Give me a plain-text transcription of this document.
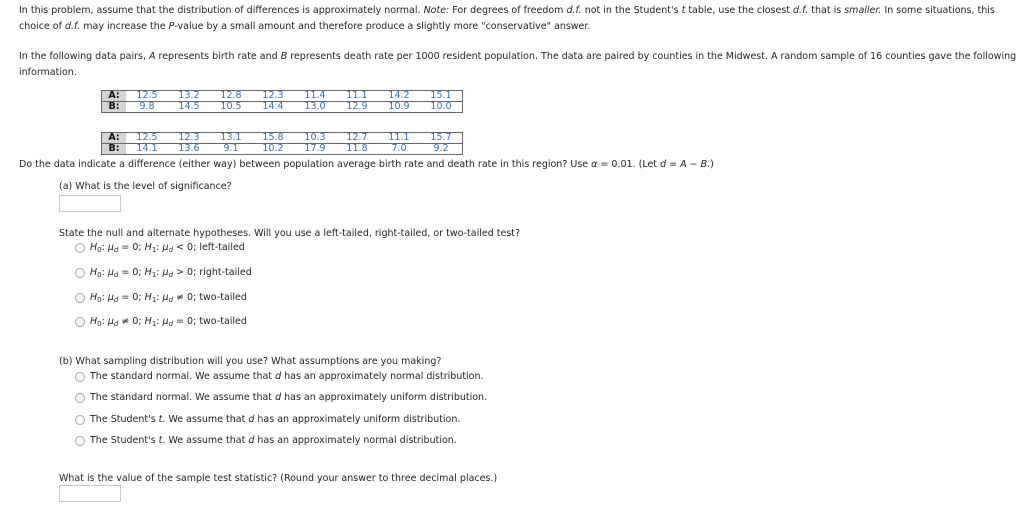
In this problem, assume that the distribution of differences is approximately normal. Note: For degrees of freedom d.f. not in the Student's t table, use the closest d.f. that is smaller. In some situations, this choice of d.f. may increase the P-value by a small amount and therefore produce a slightly more "conservative" answer.

In the following data pairs, A represents birth rate and B represents death rate per 1000 resident population. The data are paired by counties in the Midwest. A random sample of 16 counties gave the following information.

A:	12.5	13.2	12.8	12.3	11.4	11.1	14.2	15.1
B:	9.8	14.5	10.5	14.4	13.0	12.9	10.9	10.0
A:	12.5	12.3	13.1	15.8	10.3	12.7	11.1	15.7
B:	14.1	13.6	9.1	10.2	17.9	11.8	7.0	9.2
Do the data indicate a difference (either way) between population average birth rate and death rate in this region? Use α = 0.01. (Let d = A − B.)
(a) What is the level of significance?
State the null and alternate hypotheses. Will you use a left-tailed, right-tailed, or two-tailed test?
$H_0$: $\mu_d = 0$; $H_1$: $\mu_d < 0$; left-tailed
$H_0$: $\mu_d = 0$; $H_1$: $\mu_d > 0$; right-tailed
$H_0$: $\mu_d = 0$; $H_1$: $\mu_d \ne 0$; two-tailed
$H_0$: $\mu_d \ne 0$; $H_1$: $\mu_d = 0$; two-tailed
(b) What sampling distribution will you use? What assumptions are you making?
The standard normal. We assume that d has an approximately normal distribution.
The standard normal. We assume that d has an approximately uniform distribution.
The Student's t. We assume that d has an approximately uniform distribution.
The Student's t. We assume that d has an approximately normal distribution.
What is the value of the sample test statistic? (Round your answer to three decimal places.)
